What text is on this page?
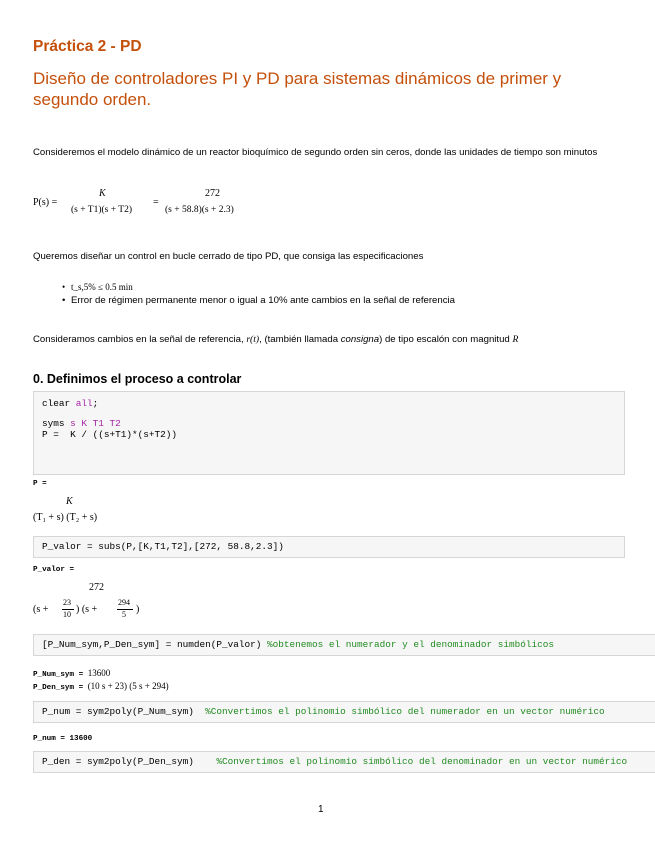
Práctica 2 - PD
Diseño de controladores PI y PD para sistemas dinámicos de primer y segundo orden.
Consideremos el modelo dinámico de un reactor bioquímico de segundo orden sin ceros, donde las unidades de tiempo son minutos
P(s) =
K
(s + T1)(s + T2)
=
272
(s + 58.8)(s + 2.3)
Queremos diseñar un control en bucle cerrado de tipo PD, que consiga las especificaciones
• t_s,5% ≤ 0.5 min
• Error de régimen permanente menor o igual a 10% ante cambios en la señal de referencia
Consideramos cambios en la señal de referencia, r(t), (también llamada consigna) de tipo escalón con magnitud R
0. Definimos el proceso a controlar
clear all;
syms s K T1 T2
P =  K / ((s+T1)*(s+T2))
P =
K
(T₁ + s) (T₂ + s)
P_valor = subs(P,[K,T1,T2],[272, 58.8,2.3])
P_valor =
272
(s +
23
10 ) (s +
294
5 )
[P_Num_sym,P_Den_sym] = numden(P_valor) %obtenemos el numerador y el denominador simbólicos
P_Num_sym = 13600
P_Den_sym = (10 s + 23) (5 s + 294)
P_num = sym2poly(P_Num_sym)  %Convertimos el polinomio simbólico del numerador en un vector numérico
P_num = 13600
P_den = sym2poly(P_Den_sym)    %Convertimos el polinomio simbólico del denominador en un vector numérico
1
